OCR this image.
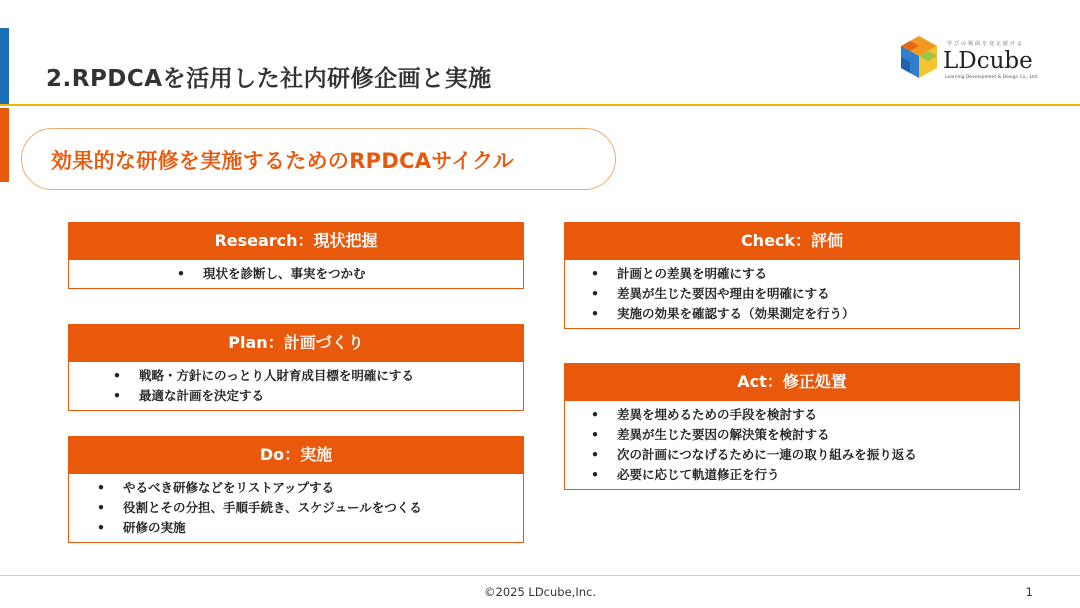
2.RPDCAを活用した社内研修企画と実施
学びの場面を変え続ける
LDcube
Learning Development & Design Co., Ltd.
効果的な研修を実施するためのRPDCAサイクル
Research：現状把握
• 現状を診断し、事実をつかむ
Plan：計画づくり
• 戦略・方針にのっとり人財育成目標を明確にする
• 最適な計画を決定する
Do：実施
• やるべき研修などをリストアップする
• 役割とその分担、手順手続き、スケジュールをつくる
• 研修の実施
Check：評価
• 計画との差異を明確にする
• 差異が生じた要因や理由を明確にする
• 実施の効果を確認する（効果測定を行う）
Act：修正処置
• 差異を埋めるための手段を検討する
• 差異が生じた要因の解決策を検討する
• 次の計画につなげるために一連の取り組みを振り返る
• 必要に応じて軌道修正を行う
©2025 LDcube,Inc.	1
